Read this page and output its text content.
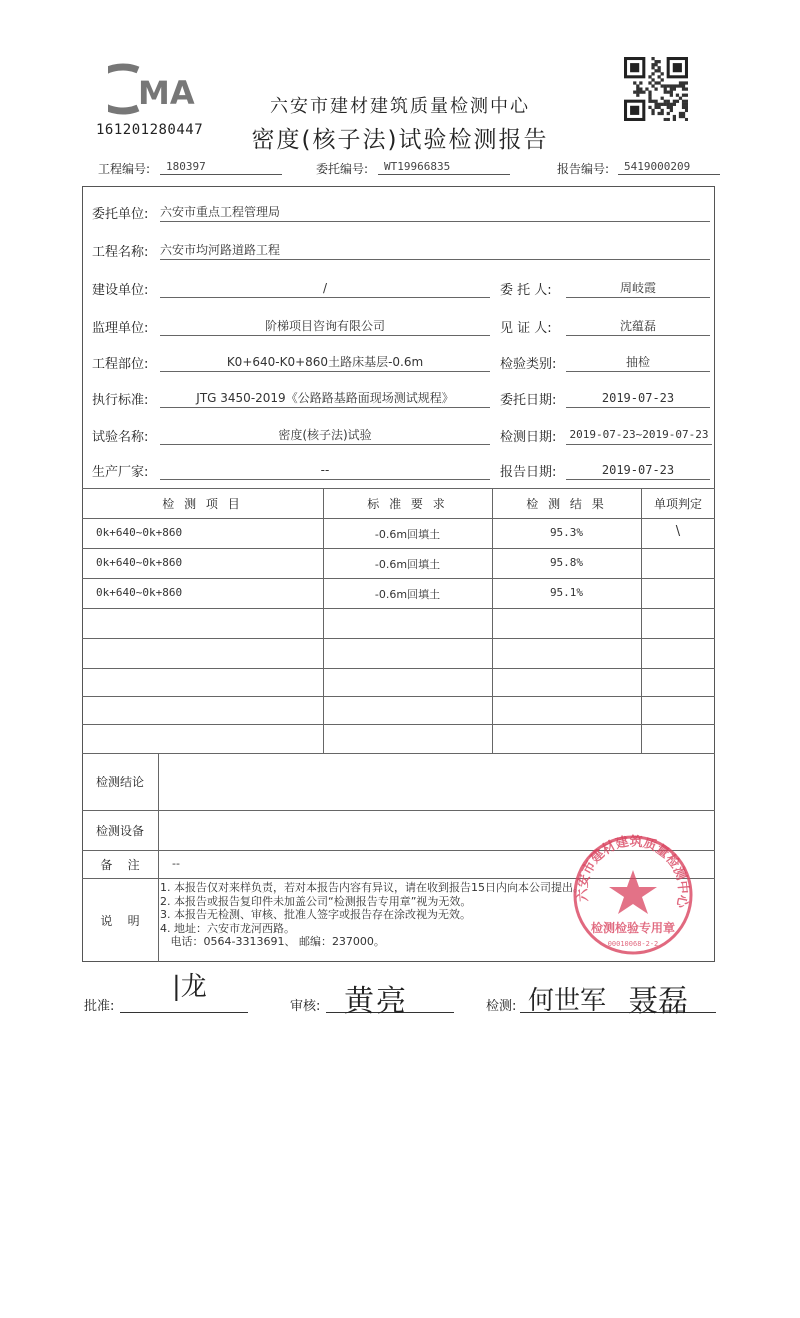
MA
161201280447
六安市建材建筑质量检测中心
密度(核子法)试验检测报告
工程编号:	180397	委托编号:	WT19966835	报告编号:	5419000209
委托单位: 六安市重点工程管理局
工程名称: 六安市均河路道路工程
建设单位:	/	委 托 人:	周岐霞
监理单位:	阶梯项目咨询有限公司	见 证 人:	沈蕴磊
工程部位:	K0+640-K0+860土路床基层-0.6m	检验类别:	抽检
执行标准:	JTG 3450-2019《公路路基路面现场测试规程》	委托日期:	2019-07-23
试验名称:	密度(核子法)试验	检测日期:	2019-07-23~2019-07-23
生产厂家:	--	报告日期:	2019-07-23
检 测 项 目	标 准 要 求	检 测 结 果	单项判定
0k+640~0k+860	-0.6m回填土	95.3%	\
0k+640~0k+860	-0.6m回填土	95.8%
0k+640~0k+860	-0.6m回填土	95.1%
检测结论
检测设备
备    注	--
说    明
1. 本报告仅对来样负责，若对本报告内容有异议，请在收到报告15日内向本公司提出。
2. 本报告或报告复印件未加盖公司“检测报告专用章”视为无效。
3. 本报告无检测、审核、批准人签字或报告存在涂改视为无效。
4. 地址：六安市龙河西路。
电话：0564-3313691、 邮编：237000。
六安市建材建筑质量检测中心
检测检验专用章
00010068-2-2
批准:
|龙
审核: 黄亮	检测: 何世军 聂磊
